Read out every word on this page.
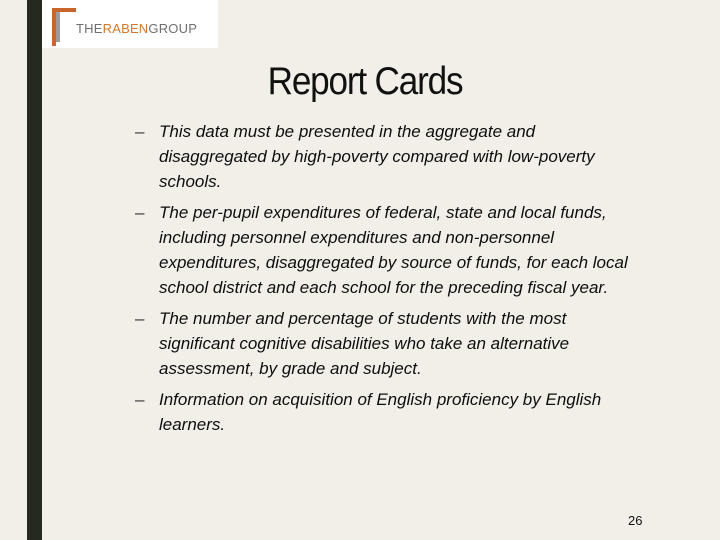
THERABENGROUP
Report Cards
– This data must be presented in the aggregate and disaggregated by high-poverty compared with low-poverty schools.
– The per-pupil expenditures of federal, state and local funds, including personnel expenditures and non-personnel expenditures, disaggregated by source of funds, for each local school district and each school for the preceding fiscal year.
– The number and percentage of students with the most significant cognitive disabilities who take an alternative assessment, by grade and subject.
– Information on acquisition of English proficiency by English learners.
26
